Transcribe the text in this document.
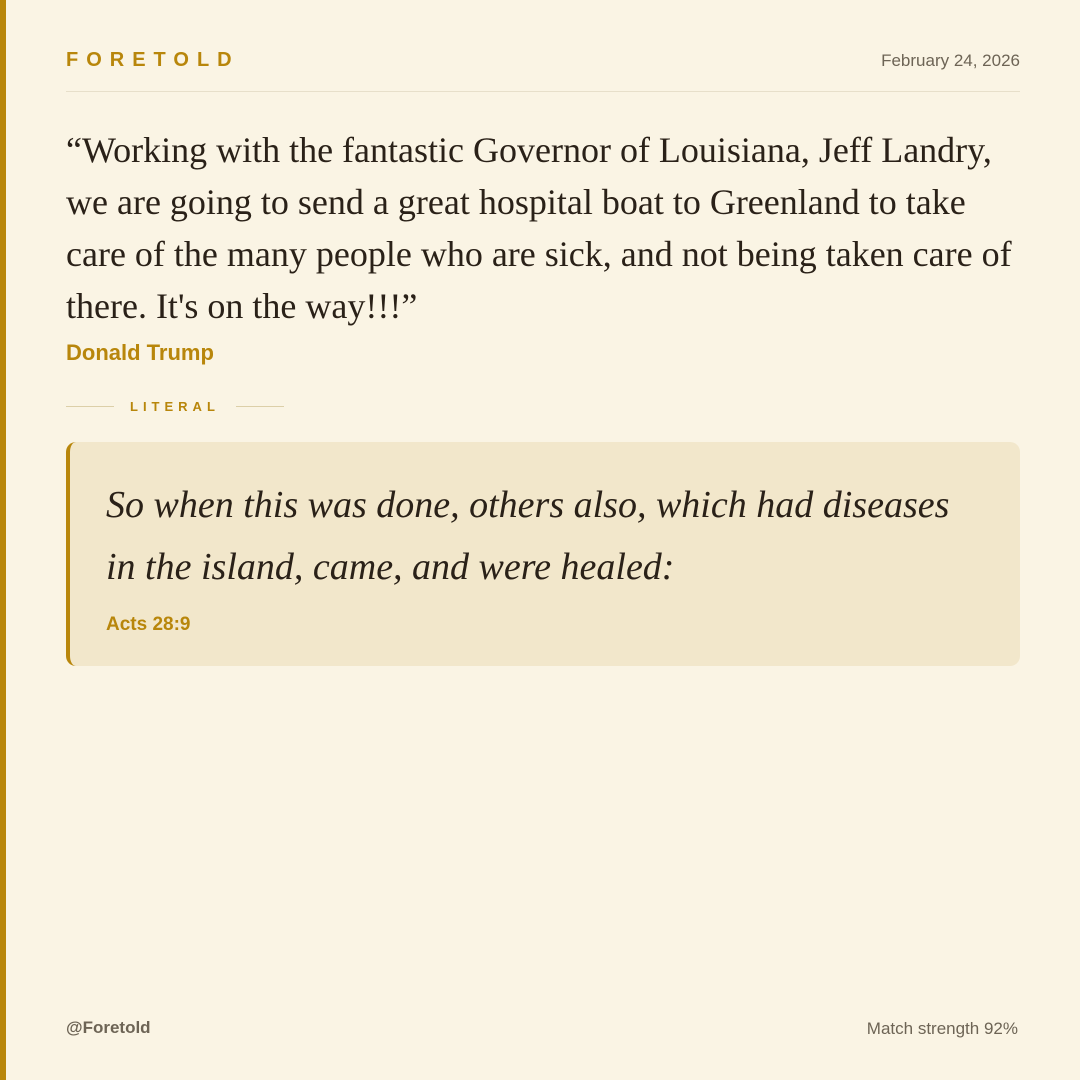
FORETOLD	February 24, 2026

“Working with the fantastic Governor of Louisiana, Jeff Landry, we are going to send a great hospital boat to Greenland to take care of the many people who are sick, and not being taken care of there. It's on the way!!!”

Donald Trump
LITERAL

So when this was done, others also, which had diseases in the island, came, and were healed:

Acts 28:9
@Foretold	Match strength 92%
